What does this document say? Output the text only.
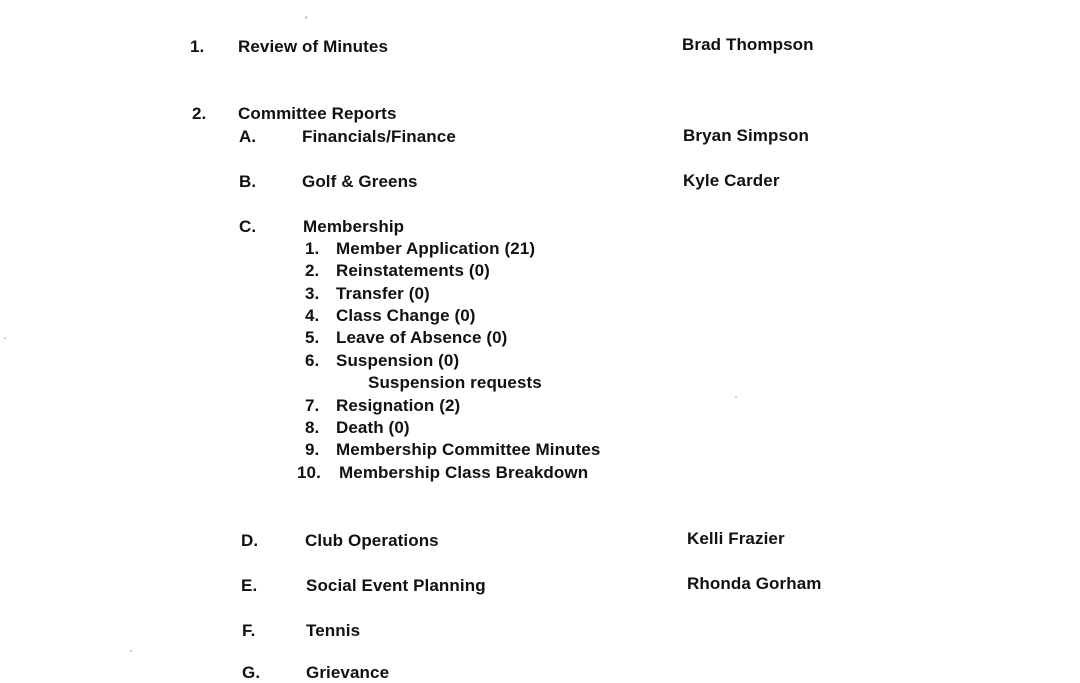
1. Review of Minutes	Brad Thompson
2. Committee Reports
A.	Financials/Finance	Bryan Simpson
B.	Golf & Greens	Kyle Carder
C.	Membership
1. Member Application (21)
2. Reinstatements (0)
3. Transfer (0)
4. Class Change (0)
5. Leave of Absence (0)
6. Suspension (0)
Suspension requests
7. Resignation (2)
8. Death (0)
9. Membership Committee Minutes
10. Membership Class Breakdown
D.	Club Operations	Kelli Frazier
E.	Social Event Planning	Rhonda Gorham
F.	Tennis
G.	Grievance
